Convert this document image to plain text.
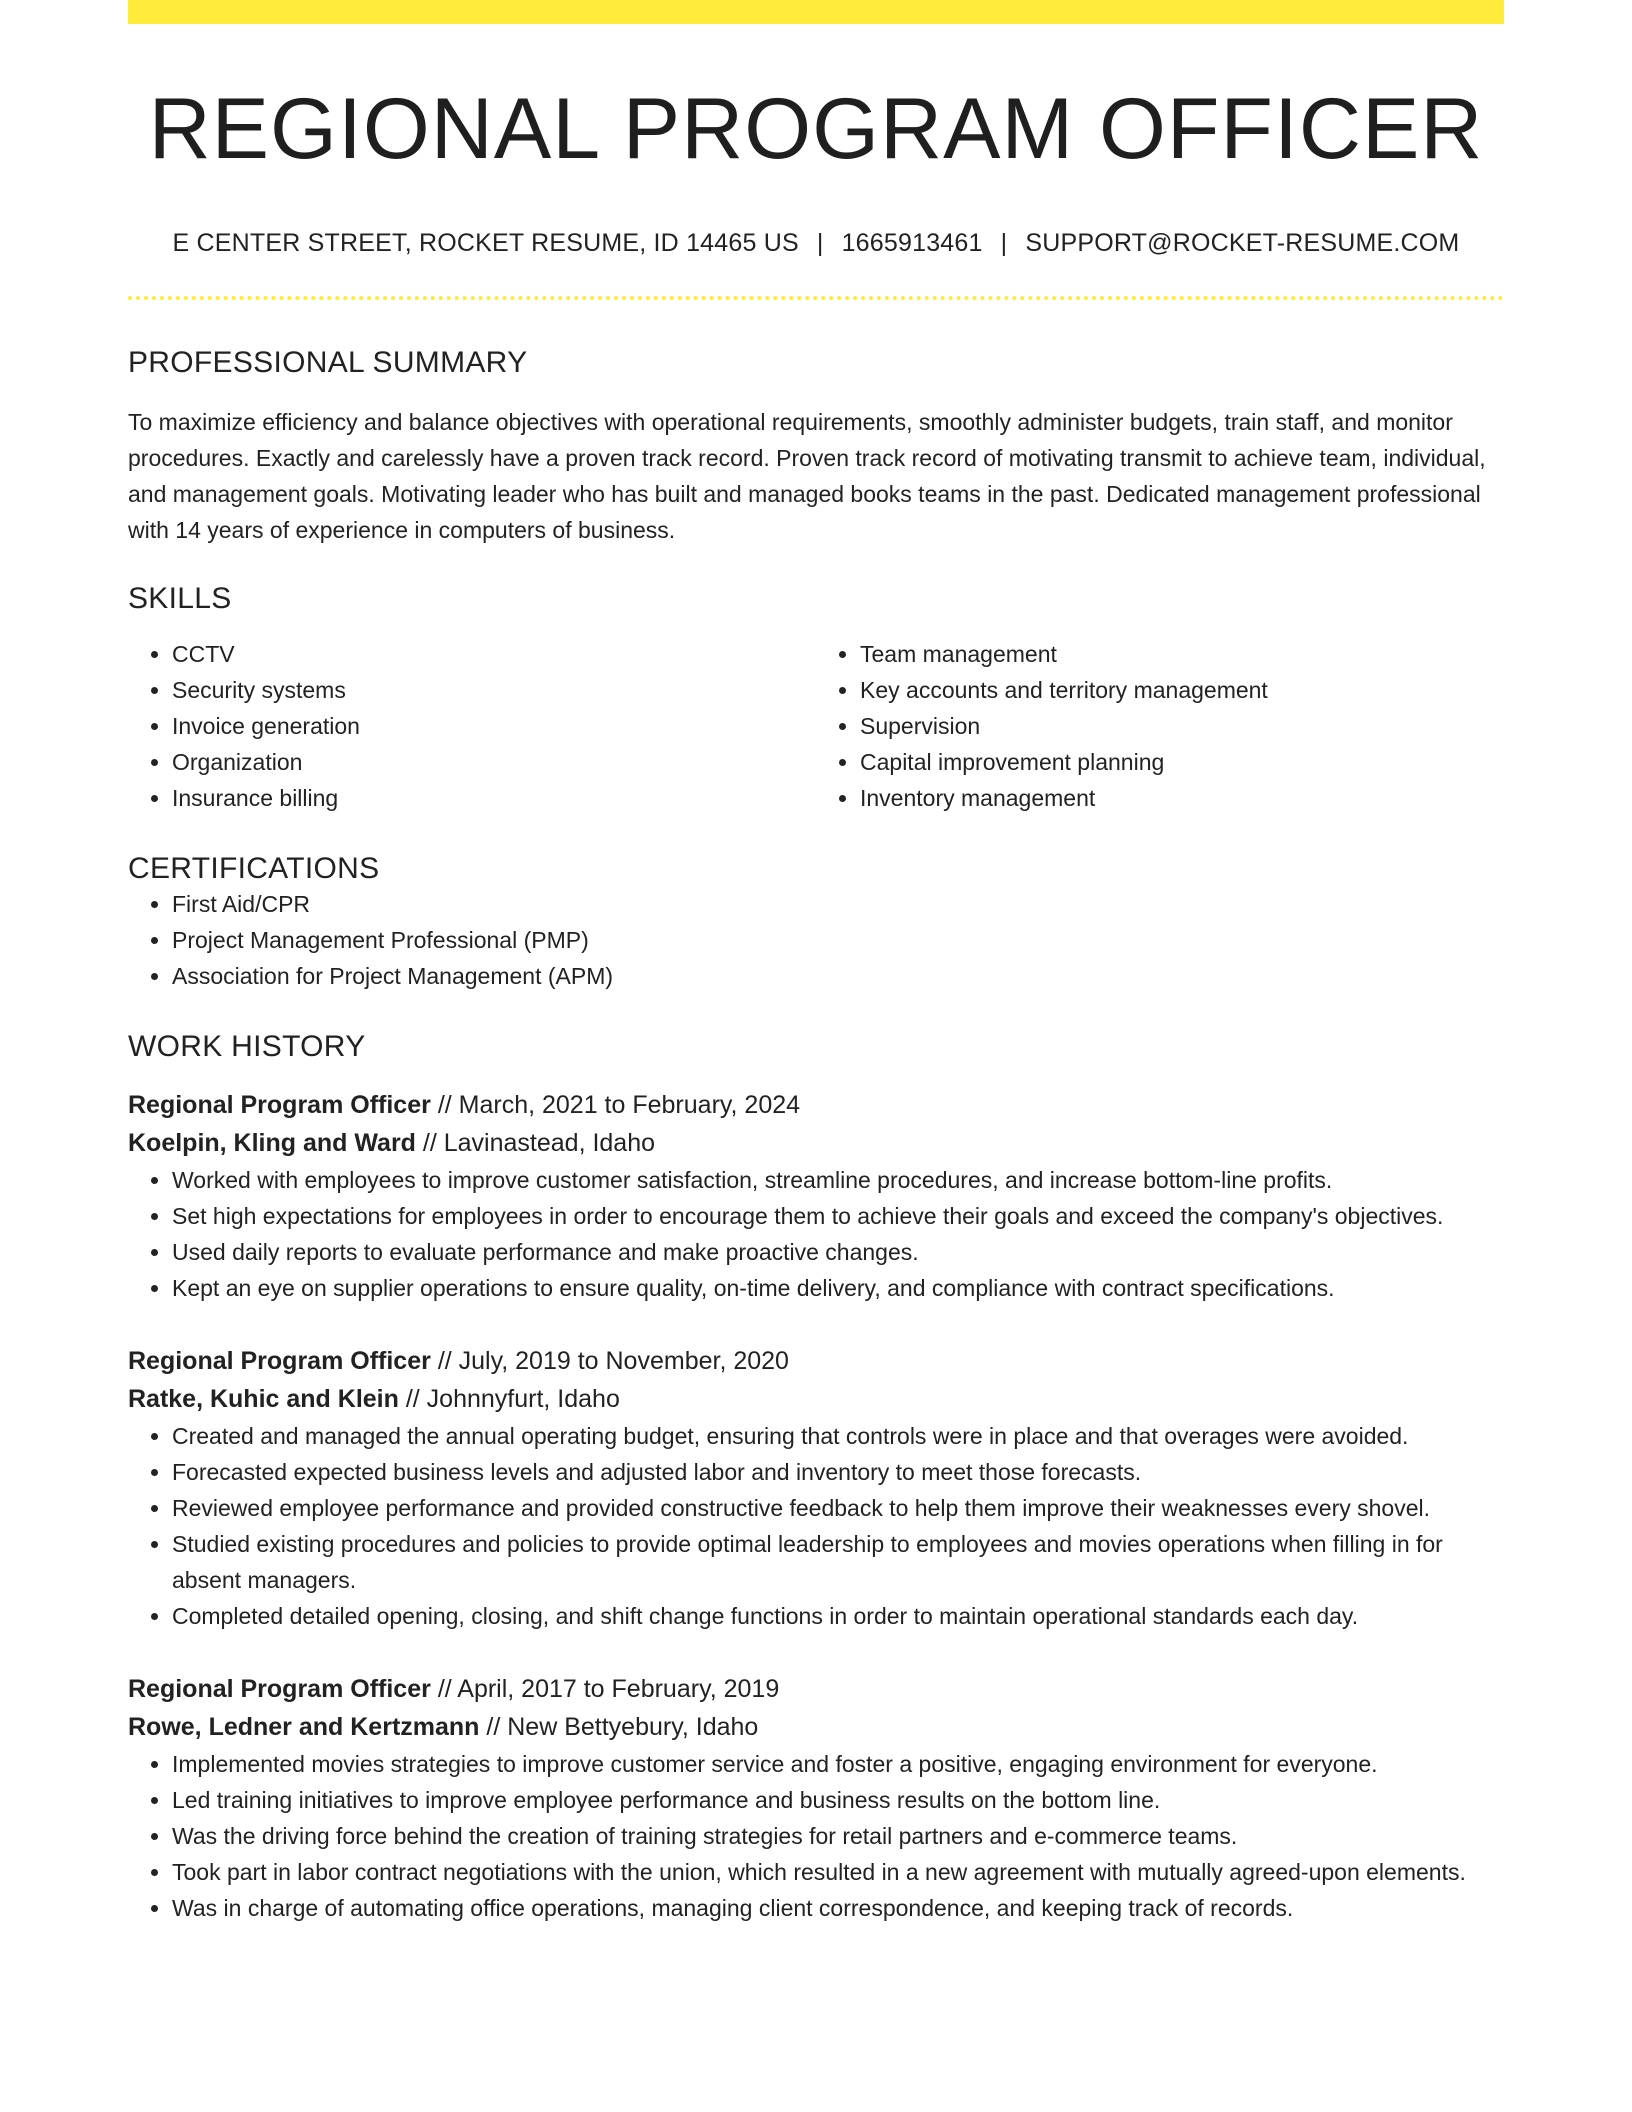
REGIONAL PROGRAM OFFICER
E CENTER STREET, ROCKET RESUME, ID 14465 US | 1665913461 | SUPPORT@ROCKET-RESUME.COM
PROFESSIONAL SUMMARY

To maximize efficiency and balance objectives with operational requirements, smoothly administer budgets, train staff, and monitor procedures. Exactly and carelessly have a proven track record. Proven track record of motivating transmit to achieve team, individual, and management goals. Motivating leader who has built and managed books teams in the past. Dedicated management professional with 14 years of experience in computers of business.

SKILLS
• CCTV
• Security systems
• Invoice generation
• Organization
• Insurance billing
• Team management
• Key accounts and territory management
• Supervision
• Capital improvement planning
• Inventory management
CERTIFICATIONS
• First Aid/CPR
• Project Management Professional (PMP)
• Association for Project Management (APM)
WORK HISTORY
Regional Program Officer // March, 2021 to February, 2024
Koelpin, Kling and Ward // Lavinastead, Idaho
• Worked with employees to improve customer satisfaction, streamline procedures, and increase bottom-line profits.
• Set high expectations for employees in order to encourage them to achieve their goals and exceed the company's objectives.
• Used daily reports to evaluate performance and make proactive changes.
• Kept an eye on supplier operations to ensure quality, on-time delivery, and compliance with contract specifications.
Regional Program Officer // July, 2019 to November, 2020
Ratke, Kuhic and Klein // Johnnyfurt, Idaho
• Created and managed the annual operating budget, ensuring that controls were in place and that overages were avoided.
• Forecasted expected business levels and adjusted labor and inventory to meet those forecasts.
• Reviewed employee performance and provided constructive feedback to help them improve their weaknesses every shovel.
• Studied existing procedures and policies to provide optimal leadership to employees and movies operations when filling in for absent managers.
• Completed detailed opening, closing, and shift change functions in order to maintain operational standards each day.
Regional Program Officer // April, 2017 to February, 2019
Rowe, Ledner and Kertzmann // New Bettyebury, Idaho
• Implemented movies strategies to improve customer service and foster a positive, engaging environment for everyone.
• Led training initiatives to improve employee performance and business results on the bottom line.
• Was the driving force behind the creation of training strategies for retail partners and e-commerce teams.
• Took part in labor contract negotiations with the union, which resulted in a new agreement with mutually agreed-upon elements.
• Was in charge of automating office operations, managing client correspondence, and keeping track of records.
